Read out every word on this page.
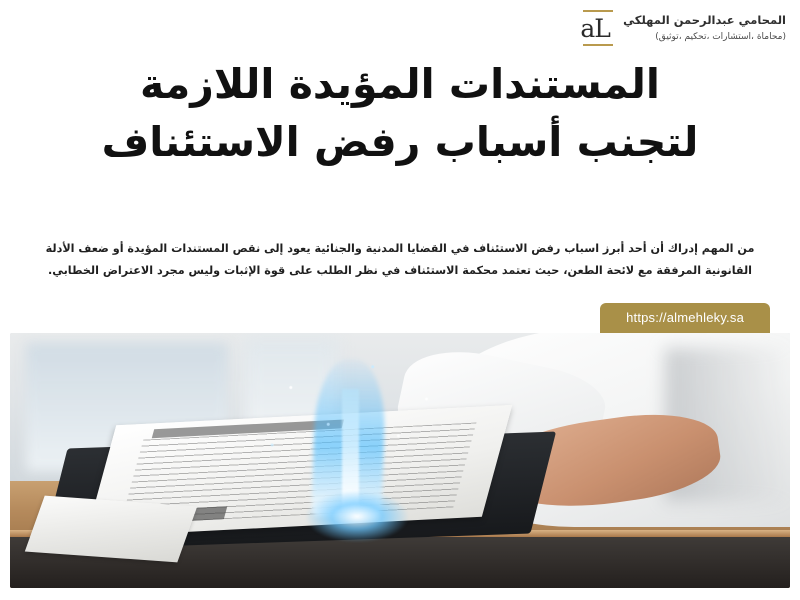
المحامي عبدالرحمن المهلكي
(محاماة ،استشارات ،تحكيم ،توثيق)
aL
المستندات المؤيدة اللازمة
لتجنب أسباب رفض الاستئناف
من المهم إدراك أن أحد أبرز اسباب رفض الاستئناف في القضايا المدنية والجنائية يعود إلى نقص المستندات المؤيدة أو ضعف الأدلة القانونية المرفقة مع لائحة الطعن، حيث تعتمد محكمة الاستئناف في نظر الطلب على قوة الإثبات وليس مجرد الاعتراض الخطابي.
https://almehleky.sa
